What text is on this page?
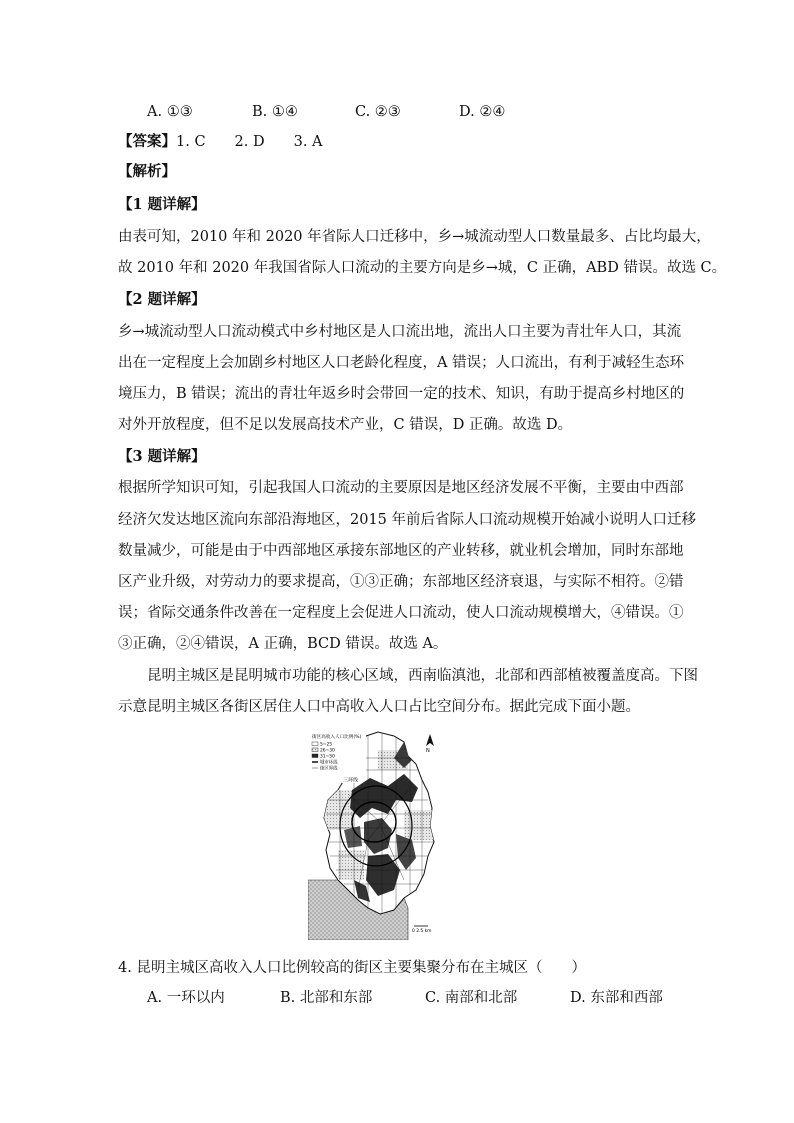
A. ①③	B. ①④	C. ②③	D. ②④
【答案】1. C　　2. D　　3. A
【解析】
【1 题详解】
由表可知，2010 年和 2020 年省际人口迁移中，乡→城流动型人口数量最多、占比均最大，
故 2010 年和 2020 年我国省际人口流动的主要方向是乡→城，C 正确，ABD 错误。故选 C。
【2 题详解】
乡→城流动型人口流动模式中乡村地区是人口流出地，流出人口主要为青壮年人口，其流
出在一定程度上会加剧乡村地区人口老龄化程度，A 错误；人口流出，有利于减轻生态环
境压力，B 错误；流出的青壮年返乡时会带回一定的技术、知识，有助于提高乡村地区的
对外开放程度，但不足以发展高技术产业，C 错误，D 正确。故选 D。
【3 题详解】
根据所学知识可知，引起我国人口流动的主要原因是地区经济发展不平衡，主要由中西部
经济欠发达地区流向东部沿海地区，2015 年前后省际人口流动规模开始减小说明人口迁移
数量减少，可能是由于中西部地区承接东部地区的产业转移，就业机会增加，同时东部地
区产业升级，对劳动力的要求提高，①③正确；东部地区经济衰退，与实际不相符。②错
误；省际交通条件改善在一定程度上会促进人口流动，使人口流动规模增大，④错误。①
③正确，②④错误，A 正确，BCD 错误。故选 A。
昆明主城区是昆明城市功能的核心区域，西南临滇池，北部和西部植被覆盖度高。下图
示意昆明主城区各街区居住人口中高收入人口占比空间分布。据此完成下面小题。
街区高收入人口比例(%)
5~25
26~30
31~50
城市环线
街区界线
N
三环线
0 2.5 km
4. 昆明主城区高收入人口比例较高的街区主要集聚分布在主城区（　　）
A. 一环以内	B. 北部和东部	C. 南部和北部	D. 东部和西部
